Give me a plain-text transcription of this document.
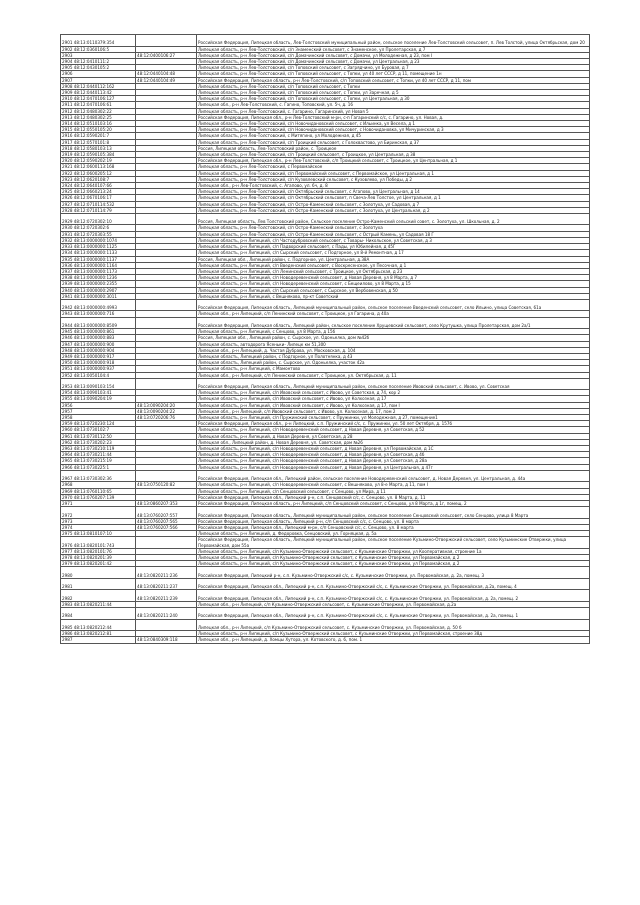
2901 48:13:0110379:354		Российская Федерация, Липецкая область, Лев-Толстовский муниципальный район, сельское поселение Лев-Толстовский сельсовет, п. Лев Толстой, улица Октябрьская, дом 20
2902 48:12:0360106:5		Липецкая область, р-н Лев-Толстовский, с/п Знаменский сельсовет, с Знаменское, ул Пролетарская, д 7
2903	48:12:0400106:27	Липецкая область, р-н Лев-Толстовский, с/п Домачинский сельсовет, с Домачи, ул Молодежная, д 23, пом I
2904 48:12:0410111:2		Липецкая область, р-н Лев-Толстовский, с/п Домачинский сельсовет, с Домачи, ул Центральная, д 23
2905 48:12:0430105:2		Липецкая область, р-н Лев-Толстовский, с/п Топовский сельсовет, с Загрядчино, ул Буровая, д 7
2906	48:12:0440104:48	Липецкая область, р-н Лев-Толстовский, с/п Топовский сельсовет, с Топки, ул 40 лет СССР, д 11, помещение 1н
2907	48:12:0440104:49	Российская Федерация, Липецкая область, р-н Лев-Толстовский, с/п Топовский сельсовет, с Топки, ул 40 лет СССР, д 11, пом
2908 48:12:0440112:162		Липецкая область, р-н Лев-Толстовский, с/п Топовский сельсовет, с Топки
2909 48:12:0440113:42		Липецкая область, р-н Лев-Толстовский, с/п Топовский сельсовет, с Топки, ул Заречная, д 5
2910 48:12:0470106:127		Липецкая область, р-н Лев-Толстовский, с/п Топовский сельсовет, с Топки, ул Центральная, д 30
2911 48:12:0470106:61		Липецкая обл., р-н Лев-Толстовский, с. Гагино, Топовский, ул. 5ч, д. 16
2912 48:12:0480302:22		Липецкая область, р-н Лев-Толстовский, с. Гагарино, Гагаринский, ул Новая 5
2913 48:12:0480302:25		Российская Федерация, Липецкая обл., р-н Лев-Толстовский м-рн, с-п Гагаринский с/с, с. Гагарино, ул. Новая, д.
2914 48:12:0510103:16		Липецкая область, р-н Лев-Толстовский, с/п Новочидановский сельсовет, с Ильинка, ул Весела, д 1
2915 48:12:0550105:20		Липецкая область, р-н Лев-Толстовский, с/п Новочидановский сельсовет, с Новочидановка, ул Мичуринская, д 3
2916 48:12:0590201:7		Липецкая область, р-н Лев-Толстовский, с Митягино, ул Молодежная, д 45
2917 48:12:0570101:8		Липецкая область, р-н Лев-Толстовский, с/п Троицкий сельсовет, с Голохвастово, ул Биринская, д 37
2918 48:12:0580103:13		Россия, Липецкая область, Лев-Толстовский район, с. Троицкое
2919 48:12:0590105:384		Липецкая область, р-н Лев-Толстовский, с/п Троицкий сельсовет, с Троицкое, ул Центральная, д 38
2920 48:12:0590202:19		Российская Федерация, Липецкая обл., р-н Лев-Толстовский, с/п Троицкий сельсовет, с Троицкое, ул Центральная, д 1
2921 48:12:0600113:168		Липецкая область, р-н Лев-Толстовский, с Первомайское
2922 48:12:0600205:12		Липецкая область, р-н Лев-Толстовский, с/п Первомайский сельсовет, с Первомайское, ул Центральная, д 1
2923 48:12:0620108:7		Липецкая область, р-н Лев-Толстовский, с/п Кузовлевский сельсовет, с Кузовлево, ул Победы, д 2
2924 48:12:0640107:66		Липецкая обл., р-н Лев-Толстовский, с. Агапово, ул. 6ч, д. 8
2925 48:12:0660213:24		Липецкая область, р-н Лев-Толстовский, с/п Октябрьский сельсовет, с Агапово, ул Центральная, д 14
2926 48:12:0670106:17		Липецкая область, р-н Лев-Толстовский, с/п Октябрьский сельсовет, п Свеча-Лев Толстое, ул Центральная, д 1
2927 48:12:0710114:532		Липецкая область, р-н Лев-Толстовский, с/п Остро-Каменский сельсовет, с Золотуха, ул Садовая, д 7
2928 48:12:0710114:79		Липецкая область, р-н Лев-Толстовский, с/п Остро-Каменский сельсовет, с Золотуха, ул Центральная, д 2
2929 48:12:0720302:10		Россия, Липецкая область, Лев Толстовский район, Сельское поселение Остро-Каменский сельский совет, с. Золотуха, ул. Школьная, д. 2
2930 48:12:0720302:6		Липецкая область, р-н Лев-Толстовский, с/п Остро-Каменский сельсовет, с Золотуха
2931 48:12:0720303:55		Липецкая область, р-н Лев-Толстовский, с/п Остро-Каменский сельсовет, с Острый Камень, ул Садовая 18 Г
2932 48:13:0000000:1074		Липецкая область, р-н Липецкий, с/п Частодубровский сельсовет, с Товары- Никольское, ул Советская, д 3
2933 48:13:0000000:1125		Липецкая область, р-н Липецкий, с/п Падворский сельсовет, с Пады, ул Юбилейная, д 45Г
2934 48:13:0000000:1133		Липецкая область, р-н Липецкий, с/п Сырский сельсовет, с Подгорное, ул 8-й Ремонтная, д 17
2935 48:13:0000000:1137		Россия, Липецкая обл., Липецкий район, с. Подгорное, ул. Центральная, д.38А
2936 48:13:0000000:1164		Липецкая область, р-н Липецкий, с/п Введенский сельсовет, с Воскресенское, ул Песочная, д 1
2937 48:13:0000000:1173		Липецкая область, р-н Липецкий, с/п Ленинский сельсовет, с Троицкое, ул Октябрьская, д 23
2938 48:13:0000000:1236		Липецкая область, р-н Липецкий, с/п Новодеревенский сельсовет, д Новая Деревня, ул 8 Марта, д 7
2939 48:13:0000000:2355		Липецкая область, р-н Липецкий, с/п Новодеревенский сельсовет, с Бещеилово, ул 8 Марта, д 15
2940 48:13:0000000:2907		Липецкая область, р-н Липецкий, с/п Сырский сельсовет, с Сырское, ул Вербовенская, д 50
2941 48:13:0000000:3011		Липецкая область, р-н Липецкий, с Вешняково, пр-кт Советский
2942 48:13:0000000:4993		Российская Федерация, Липецкая область, Липецкий муниципальный район, сельское поселение Введенский сельсовет, село Ильино, улица Советская, 61а
2943 48:13:0000000:716		Липецкая обл., р-н Липецкий, с/п Ленинский сельсовет, с Троицкое, ул Гагарина, д 40а
2944 48:13:0000000:8509		Российская Федерация, Липецкая область, Липецкий район, сельское поселение Хрущевский сельсовет, село Крутушка, улица Пролетарская, дом 2а/1
2945 48:13:0000000:861		Липецкая область, р-н Липецкий, с Сенцово, ул 8 Марта, д 15б
2946 48:13:0000000:883		Россия, Липецкая обл., Липецкий район, с. Сырское, ул. Одоньелка, дом №42б
2947 48:13:0000000:900		Липецкая область, автодорога Ясеньки- Липецк км 51,300
2948 48:13:0000000:904		Липецкая обл., р-н Липецкий, д. Частая Дубрава, ул. Московская, д. 104
2949 48:13:0000000:917		Липецкая область, Липецкий район, с Подгорное, ул Полотнянка, д 43
2950 48:13:0000000:918		Липецкая область, Липецкий район, с. Сырское, ул. Одоньелка, участок 42а
2951 48:13:0000000:937		Липецкая область, р-н Липецкий, с Мамонтово
2952 48:13:0050104:4		Липецкая обл., р-н Липецкий, с/п Ленинский сельсовет, с Троицкое, ул. Октябрьская, д. 11
2953 48:13:0090103:154		Российская Федерация, Липецкая область, Липецкий муниципальный район, сельское поселение Ивовский сельсовет, с. Ивово, ул. Советская
2954 48:13:0090103:41		Липецкая область, р-н Липецкий, с/п Ивовский сельсовет, с Ивово, ул Советская, д 74, кор 2
2955 48:13:0090204:19		Липецкая область, р-н Липецкий, с/п Ивовский сельсовет, с Ивово, ул Колхозная, д 17
2956	48:13:0090204:20	Липецкая область, р-н Липецкий, с/п Ивовский сельсовет, с Ивово, ул Колхозная, д 17, пом I
2957	48:13:0090204:22	Липецкая обл., р-н Липецкий, с/п Ивовский сельсовет, с Ивово, ул. Колхозная, д. 17, пом 2
2958	48:13:0720206:76	Липецкая область, р-н Липецкий, с/п Пружинский сельсовет, с Пружинки, ул Молодежная, д 27, помещение1
2959 48:13:0720230:124		Российская Федерация, Липецкая обл., р-н Липецкий, с.п. Пружинский с/с, с. Пружинки, ул. 50 лет Октября, д. 157б
2960 48:13:0730102:7		Липецкая область, р-н Липецкий, с/п Новодеревенский сельсовет, д Новая Деревня, ул Советская, д 52
2961 48:13:0730112:50		Липецкая область, р-н Липецкий, д Новая Деревня, ул Советская, д 28
2962 48:13:0730202:23		Липецкая обл., Липецкий район, д. Новая Деревня, ул. Советская, дом №26
2963 48:13:0730210:119		Липецкая область, р-н Липецкий, с/п Новодеревенский сельсовет, д Новая Деревня, ул Первомайская, д 1С
2964 48:13:0730211:44		Липецкая область, р-н Липецкий, с/п Новодеревенский сельсовет, д Новая Деревня, ул Советская, д 4б
2965 48:13:0730215:19		Липецкая область, р-н Липецкий, с/п Новодеревенский сельсовет, д Новая Деревня, ул Советская, д 28а
2966 48:13:0730225:1		Липецкая область, р-н Липецкий, с/п Новодеревенский сельсовет, д Новая Деревня, ул Центральная, д 47г
2967 48:13:0730302:36		Российская Федерация, Липецкая обл., Липецкий район, сельское поселение Новодеревенский сельсовет, д. Новая Деревня, ул. Центральная, д. 44а
2968	48:13:0750120:82	Липецкая область, р-н Липецкий, с/п Новодеревенский сельсовет, с Вешняково, ул 8-е Марта, д 11, пом I
2969 48:13:0760110:65		Липецкая область, р-н Липецкий, с/п Сенцовский сельсовет, с Сенцово, ул Мира, д 11
2970 48:13:0760207:139		Российская Федерация, Липецкая обл., Липецкий р-н, с.п. Сенцовский с/с, с. Сенцово, ул. 8 Марта, д. 11
2971	48:13:0860207:353	Российская Федерация, Липецкая область, р-н Липецкий, с/п Сенцовский сельсовет, с Сенцово, ул 8 Марта, д 1г, помещ. 2
2972	48:13:0760207:557	Российская Федерация, Липецкая область, Липецкий муниципальный район, сельское поселение Сенцовский сельсовет, село Сенцово, улица 8 Марта
2973	48:13:0760207:565	Российская Федерация, Липецкая область, Липецкий р-н, с/п Сенцовский с/с, с. Сенцово, ул. 8 марта
2974	48:13:0760207:566	Российская Федерация, Липецкая обл., Липецкий м-рн, с/п Сенцовский с/с, с. Сенцово, ул. 8 марта
2975 48:13:0810107:10		Липецкая область, р-н Липецкий, д. Федоровка, Сенцовский, ул. Горняцкая, д. 5а
2976 48:13:0820101:743		Российская Федерация, Липецкая область, Липецкий муниципальный район, сельское поселение Кузьмино-Отвержский сельсовет, село Кузьминские Отвержки, улица Первомайская, дом 55а
2977 48:13:0820101:76		Липецкая область, р-н Липецкий, с/п Кузьмино-Отвержский сельсовет, с Кузьминские Отвержки, ул Кооперативная, строение 1а
2978 48:13:0820201:39		Липецкая область, р-н Липецкий, с/п Кузьмино-Отвержский сельсовет, с Кузьминские Отвержки, ул Первомайская, д 2
2979 48:13:0820201:42		Липецкая область, р-н Липецкий, с/п Кузьмино-Отвержский сельсовет, с Кузьминские Отвержки, ул Первомайская, д 2
2980	48:13:0820211:236	Российская Федерация, Липецкий р-н, с.п. Кузьмино-Отвержский с/с, с. Кузьминские Отвержки, ул. Первомайская, д. 2а, помещ. 3
2981	48:13:0820211:237	Российская Федерация, Липецкая обл., Липецкий р-н, с.п. Кузьмино-Отвержский с/с, с. Кузьминские Отвержки, ул. Первомайская, д.2а, помещ. 4
2982	48:13:0820211:239	Российская Федерация, Липецкая обл., Липецкий р-н, с.п. Кузьмино-Отвержский с/с, с. Кузьминские Отвержки, ул. Первомайская, д. 2а, помещ. 2
2983 48:13:0820211:44		Липецкая обл., р-н Липецкий, с/п Кузьмино-Отвержский сельсовет, с. Кузьминские Отвержки, ул. Первомайская, д.2а
2984	48:13:0820211:240	Российская Федерация, Липецкая обл., Липецкий р-н, с.п. Кузьмино-Отвержский с/с, с. Кузьминские Отвержки, ул. Первомайская, д. 2а, помещ. 1
2985 48:13:0820212:44		Липецкая обл., р-н Липецкий, с/п Кузьмино-Отвержский сельсовет, с. Кузьминские Отвержки, ул. Первомайская, д. 50 б
2986 48:13:0820212:81		Липецкая область, р-н Липецкий, с/п Кузьмино-Отвержский сельсовет, с Кузьминские Отвержки, ул Первомайская, строение 38д
2987	48:13:0840309:118	Липецкая обл., р-н Липецкий, д. Хомцы Хутора, ул. Котовского, д. 6, пом. 1
